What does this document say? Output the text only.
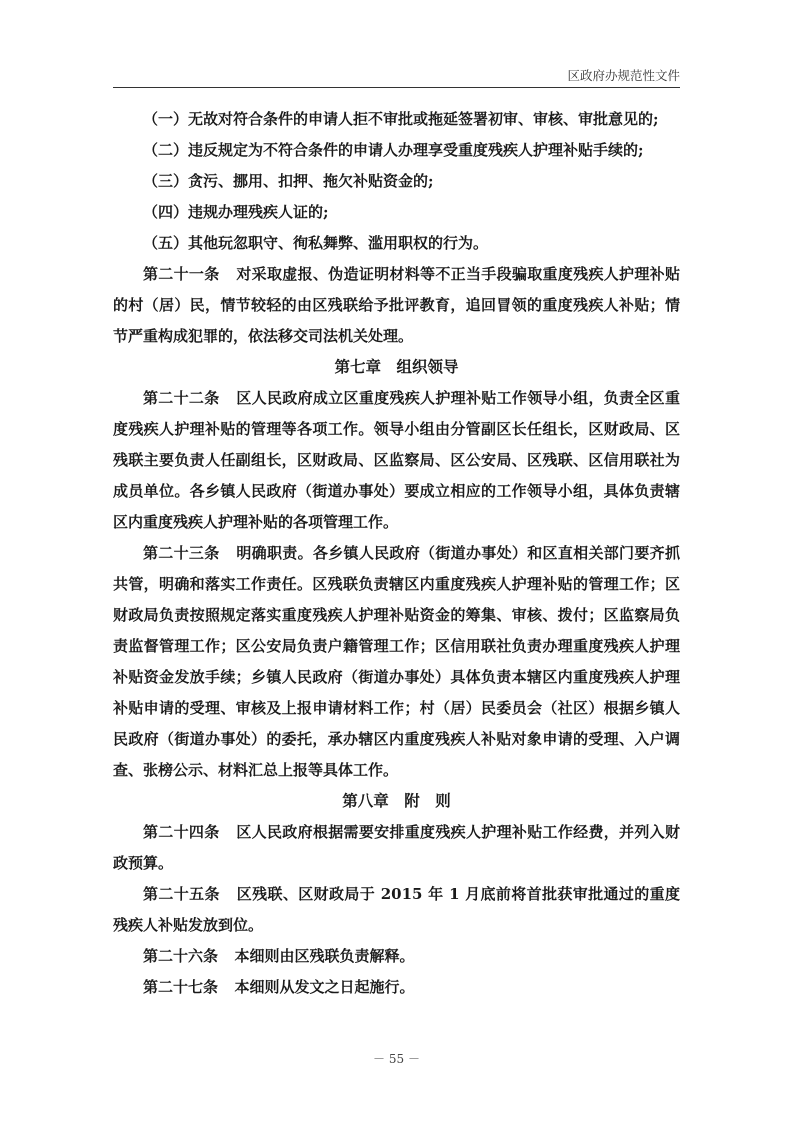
区政府办规范性文件

（一）无故对符合条件的申请人拒不审批或拖延签署初审、审核、审批意见的;

（二）违反规定为不符合条件的申请人办理享受重度残疾人护理补贴手续的;

（三）贪污、挪用、扣押、拖欠补贴资金的;

（四）违规办理残疾人证的;

（五）其他玩忽职守、徇私舞弊、滥用职权的行为。

第二十一条 对采取虚报、伪造证明材料等不正当手段骗取重度残疾人护理补贴的村（居）民，情节较轻的由区残联给予批评教育，追回冒领的重度残疾人补贴；情节严重构成犯罪的，依法移交司法机关处理。

第七章　组织领导

第二十二条 区人民政府成立区重度残疾人护理补贴工作领导小组，负责全区重度残疾人护理补贴的管理等各项工作。领导小组由分管副区长任组长，区财政局、区残联主要负责人任副组长，区财政局、区监察局、区公安局、区残联、区信用联社为成员单位。各乡镇人民政府（街道办事处）要成立相应的工作领导小组，具体负责辖区内重度残疾人护理补贴的各项管理工作。

第二十三条 明确职责。各乡镇人民政府（街道办事处）和区直相关部门要齐抓共管，明确和落实工作责任。区残联负责辖区内重度残疾人护理补贴的管理工作；区财政局负责按照规定落实重度残疾人护理补贴资金的筹集、审核、拨付；区监察局负责监督管理工作；区公安局负责户籍管理工作；区信用联社负责办理重度残疾人护理补贴资金发放手续；乡镇人民政府（街道办事处）具体负责本辖区内重度残疾人护理补贴申请的受理、审核及上报申请材料工作；村（居）民委员会（社区）根据乡镇人民政府（街道办事处）的委托，承办辖区内重度残疾人补贴对象申请的受理、入户调查、张榜公示、材料汇总上报等具体工作。

第八章　附　则

第二十四条 区人民政府根据需要安排重度残疾人护理补贴工作经费，并列入财政预算。

第二十五条 区残联、区财政局于 2015 年 1 月底前将首批获审批通过的重度残疾人补贴发放到位。

第二十六条 本细则由区残联负责解释。

第二十七条 本细则从发文之日起施行。

－ 55 －
